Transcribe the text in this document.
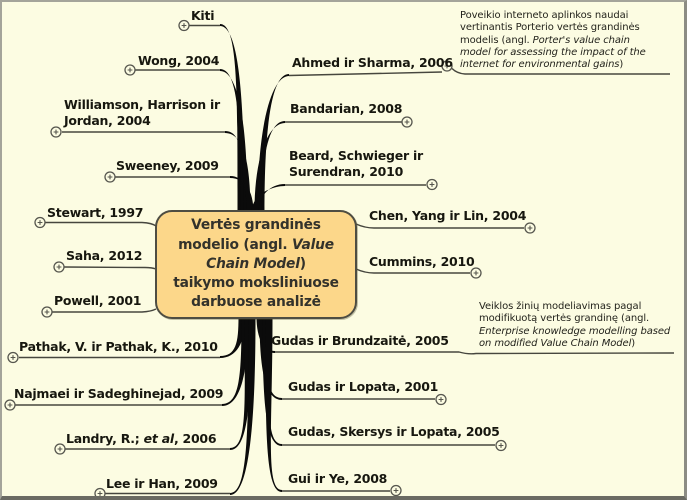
Kiti
Wong, 2004
Williamson, Harrison ir
Jordan, 2004
Sweeney, 2009
Stewart, 1997
Saha, 2012
Powell, 2001
Pathak, V. ir Pathak, K., 2010
Najmaei ir Sadeghinejad, 2009
Landry, R.; et al, 2006
Lee ir Han, 2009
Ahmed ir Sharma, 2006
Bandarian, 2008
Beard, Schwieger ir
Surendran, 2010
Chen, Yang ir Lin, 2004
Cummins, 2010
Gudas ir Brundzaitė, 2005
Gudas ir Lopata, 2001
Gudas, Skersys ir Lopata, 2005
Gui ir Ye, 2008
Vertės grandinės
modelio (angl. Value
Chain Model)
taikymo moksliniuose
darbuose analizė
Poveikio interneto aplinkos naudai
vertinantis Porterio vertės grandinės
modelis (angl. Porter's value chain
model for assessing the impact of the
internet for environmental gains)
Veiklos žinių modeliavimas pagal
modifikuotą vertės grandinę (angl.
Enterprise knowledge modelling based
on modified Value Chain Model)
